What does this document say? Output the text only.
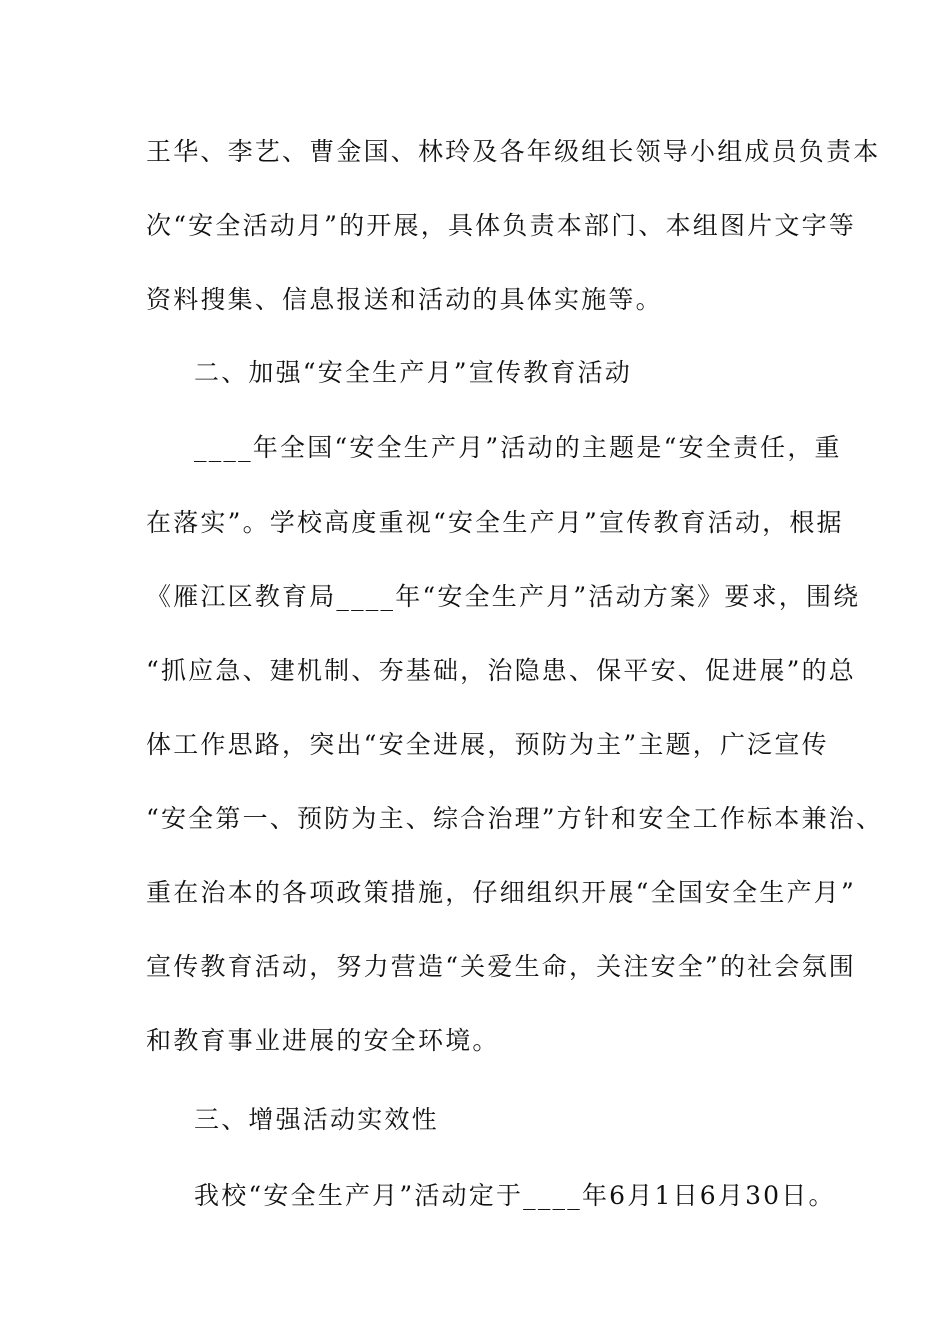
王华、李艺、曹金国、林玲及各年级组长领导小组成员负责本
次“安全活动月”的开展，具体负责本部门、本组图片文字等
资料搜集、信息报送和活动的具体实施等。
二、加强“安全生产月”宣传教育活动
____年全国“安全生产月”活动的主题是“安全责任，重
在落实”。学校高度重视“安全生产月”宣传教育活动，根据
《雁江区教育局____年“安全生产月”活动方案》要求，围绕
“抓应急、建机制、夯基础，治隐患、保平安、促进展”的总
体工作思路，突出“安全进展，预防为主”主题，广泛宣传
“安全第一、预防为主、综合治理”方针和安全工作标本兼治、
重在治本的各项政策措施，仔细组织开展“全国安全生产月”
宣传教育活动，努力营造“关爱生命，关注安全”的社会氛围
和教育事业进展的安全环境。
三、增强活动实效性
我校“安全生产月”活动定于____年6月1日6月30日。
